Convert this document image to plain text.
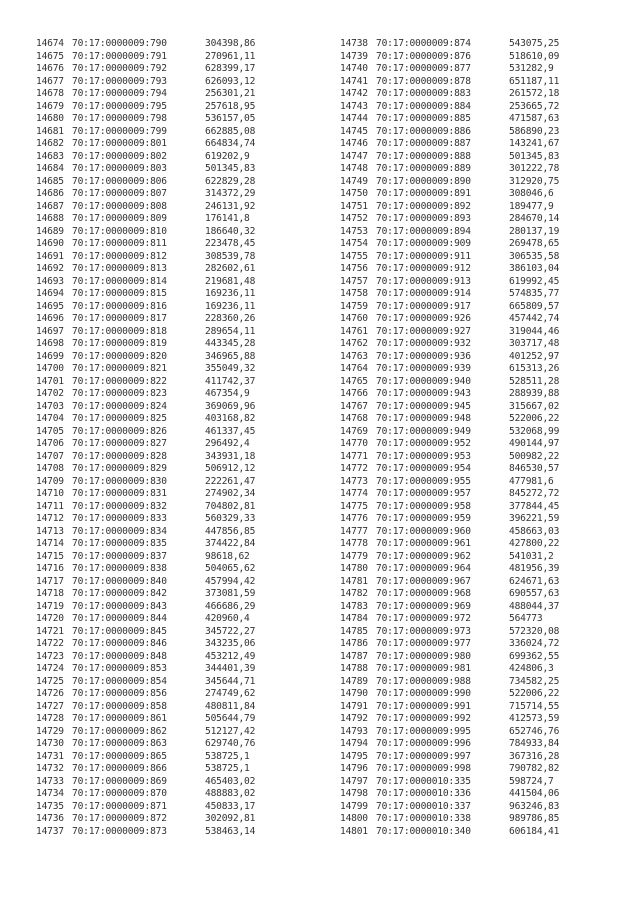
14674 70:17:0000009:790	304398,86
14675 70:17:0000009:791	270961,11
14676 70:17:0000009:792	628399,17
14677 70:17:0000009:793	626093,12
14678 70:17:0000009:794	256301,21
14679 70:17:0000009:795	257618,95
14680 70:17:0000009:798	536157,05
14681 70:17:0000009:799	662885,08
14682 70:17:0000009:801	664834,74
14683 70:17:0000009:802	619202,9
14684 70:17:0000009:803	501345,83
14685 70:17:0000009:806	622829,28
14686 70:17:0000009:807	314372,29
14687 70:17:0000009:808	246131,92
14688 70:17:0000009:809	176141,8
14689 70:17:0000009:810	186640,32
14690 70:17:0000009:811	223478,45
14691 70:17:0000009:812	308539,78
14692 70:17:0000009:813	282602,61
14693 70:17:0000009:814	219681,48
14694 70:17:0000009:815	169236,11
14695 70:17:0000009:816	169236,11
14696 70:17:0000009:817	228360,26
14697 70:17:0000009:818	289654,11
14698 70:17:0000009:819	443345,28
14699 70:17:0000009:820	346965,88
14700 70:17:0000009:821	355049,32
14701 70:17:0000009:822	411742,37
14702 70:17:0000009:823	467354,9
14703 70:17:0000009:824	369069,96
14704 70:17:0000009:825	403168,82
14705 70:17:0000009:826	461337,45
14706 70:17:0000009:827	296492,4
14707 70:17:0000009:828	343931,18
14708 70:17:0000009:829	506912,12
14709 70:17:0000009:830	222261,47
14710 70:17:0000009:831	274902,34
14711 70:17:0000009:832	704802,81
14712 70:17:0000009:833	560329,33
14713 70:17:0000009:834	447856,85
14714 70:17:0000009:835	374422,84
14715 70:17:0000009:837	98618,62
14716 70:17:0000009:838	504065,62
14717 70:17:0000009:840	457994,42
14718 70:17:0000009:842	373081,59
14719 70:17:0000009:843	466686,29
14720 70:17:0000009:844	420960,4
14721 70:17:0000009:845	345722,27
14722 70:17:0000009:846	343235,06
14723 70:17:0000009:848	453212,49
14724 70:17:0000009:853	344401,39
14725 70:17:0000009:854	345644,71
14726 70:17:0000009:856	274749,62
14727 70:17:0000009:858	480811,84
14728 70:17:0000009:861	505644,79
14729 70:17:0000009:862	512127,42
14730 70:17:0000009:863	629740,76
14731 70:17:0000009:865	538725,1
14732 70:17:0000009:866	538725,1
14733 70:17:0000009:869	465403,02
14734 70:17:0000009:870	488883,02
14735 70:17:0000009:871	450833,17
14736 70:17:0000009:872	302092,81
14737 70:17:0000009:873	538463,14
14738 70:17:0000009:874	543075,25
14739 70:17:0000009:876	518610,09
14740 70:17:0000009:877	531282,9
14741 70:17:0000009:878	651187,11
14742 70:17:0000009:883	261572,18
14743 70:17:0000009:884	253665,72
14744 70:17:0000009:885	471587,63
14745 70:17:0000009:886	586890,23
14746 70:17:0000009:887	143241,67
14747 70:17:0000009:888	501345,83
14748 70:17:0000009:889	301222,78
14749 70:17:0000009:890	312920,75
14750 70:17:0000009:891	308046,6
14751 70:17:0000009:892	189477,9
14752 70:17:0000009:893	284670,14
14753 70:17:0000009:894	280137,19
14754 70:17:0000009:909	269478,65
14755 70:17:0000009:911	306535,58
14756 70:17:0000009:912	386103,04
14757 70:17:0000009:913	619992,45
14758 70:17:0000009:914	574835,77
14759 70:17:0000009:917	665809,57
14760 70:17:0000009:926	457442,74
14761 70:17:0000009:927	319044,46
14762 70:17:0000009:932	303717,48
14763 70:17:0000009:936	401252,97
14764 70:17:0000009:939	615313,26
14765 70:17:0000009:940	528511,28
14766 70:17:0000009:943	288939,88
14767 70:17:0000009:945	315667,02
14768 70:17:0000009:948	522006,22
14769 70:17:0000009:949	532068,99
14770 70:17:0000009:952	490144,97
14771 70:17:0000009:953	500982,22
14772 70:17:0000009:954	846530,57
14773 70:17:0000009:955	477981,6
14774 70:17:0000009:957	845272,72
14775 70:17:0000009:958	377844,45
14776 70:17:0000009:959	396221,59
14777 70:17:0000009:960	458663,03
14778 70:17:0000009:961	427800,22
14779 70:17:0000009:962	541031,2
14780 70:17:0000009:964	481956,39
14781 70:17:0000009:967	624671,63
14782 70:17:0000009:968	690557,63
14783 70:17:0000009:969	488044,37
14784 70:17:0000009:972	564773
14785 70:17:0000009:973	572320,08
14786 70:17:0000009:977	336024,72
14787 70:17:0000009:980	699362,55
14788 70:17:0000009:981	424806,3
14789 70:17:0000009:988	734582,25
14790 70:17:0000009:990	522006,22
14791 70:17:0000009:991	715714,55
14792 70:17:0000009:992	412573,59
14793 70:17:0000009:995	652746,76
14794 70:17:0000009:996	784933,84
14795 70:17:0000009:997	367316,28
14796 70:17:0000009:998	790782,82
14797 70:17:0000010:335	598724,7
14798 70:17:0000010:336	441504,06
14799 70:17:0000010:337	963246,83
14800 70:17:0000010:338	989786,85
14801 70:17:0000010:340	606184,41
